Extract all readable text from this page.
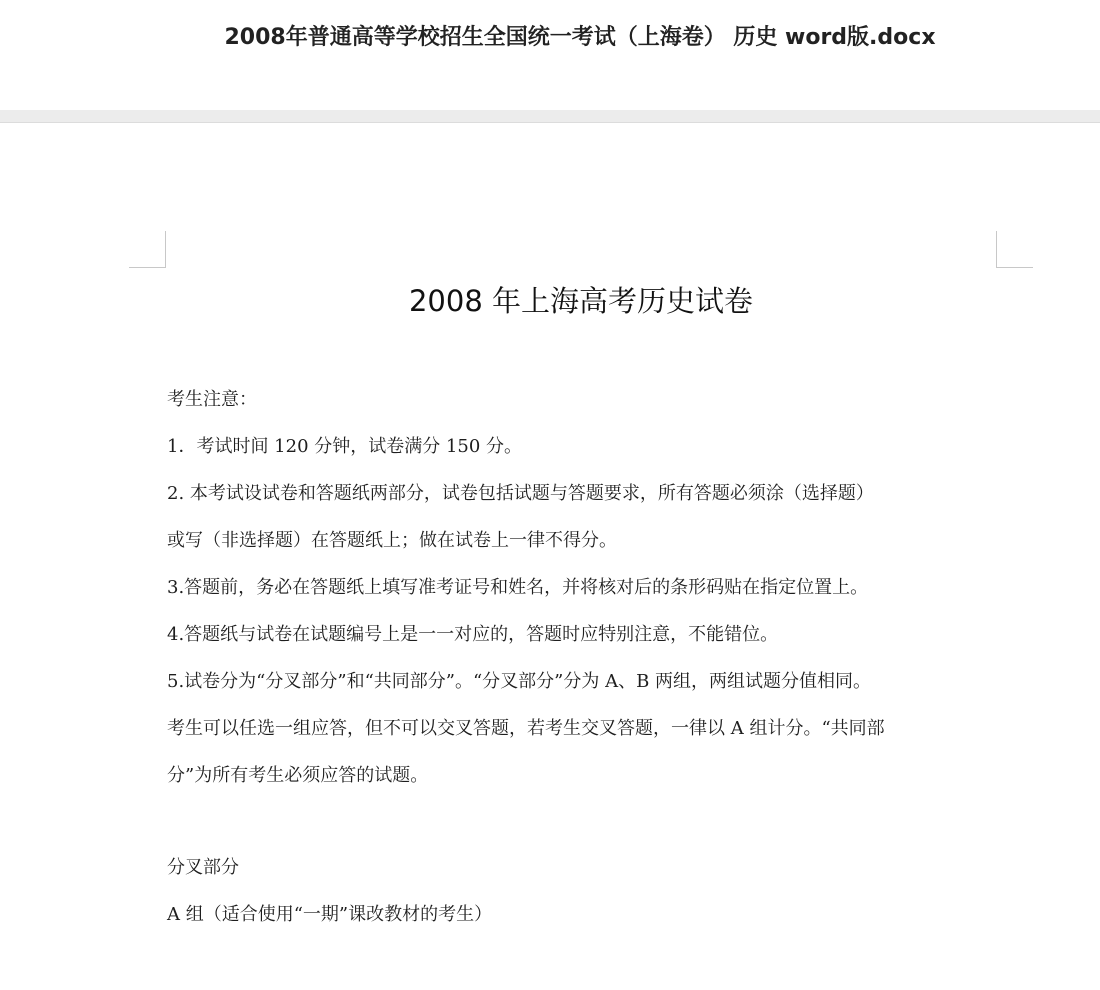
2008年普通高等学校招生全国统一考试（上海卷） 历史 word版.docx
2008 年上海高考历史试卷
考生注意：
1．考试时间 120 分钟，试卷满分 150 分。
2. 本考试设试卷和答题纸两部分，试卷包括试题与答题要求，所有答题必须涂（选择题）
或写（非选择题）在答题纸上；做在试卷上一律不得分。
3.答题前，务必在答题纸上填写准考证号和姓名，并将核对后的条形码贴在指定位置上。
4.答题纸与试卷在试题编号上是一一对应的，答题时应特别注意，不能错位。
5.试卷分为“分叉部分”和“共同部分”。“分叉部分”分为 A、B 两组，两组试题分值相同。
考生可以任选一组应答，但不可以交叉答题，若考生交叉答题，一律以 A 组计分。“共同部
分”为所有考生必须应答的试题。
分叉部分
A 组（适合使用“一期”课改教材的考生）
